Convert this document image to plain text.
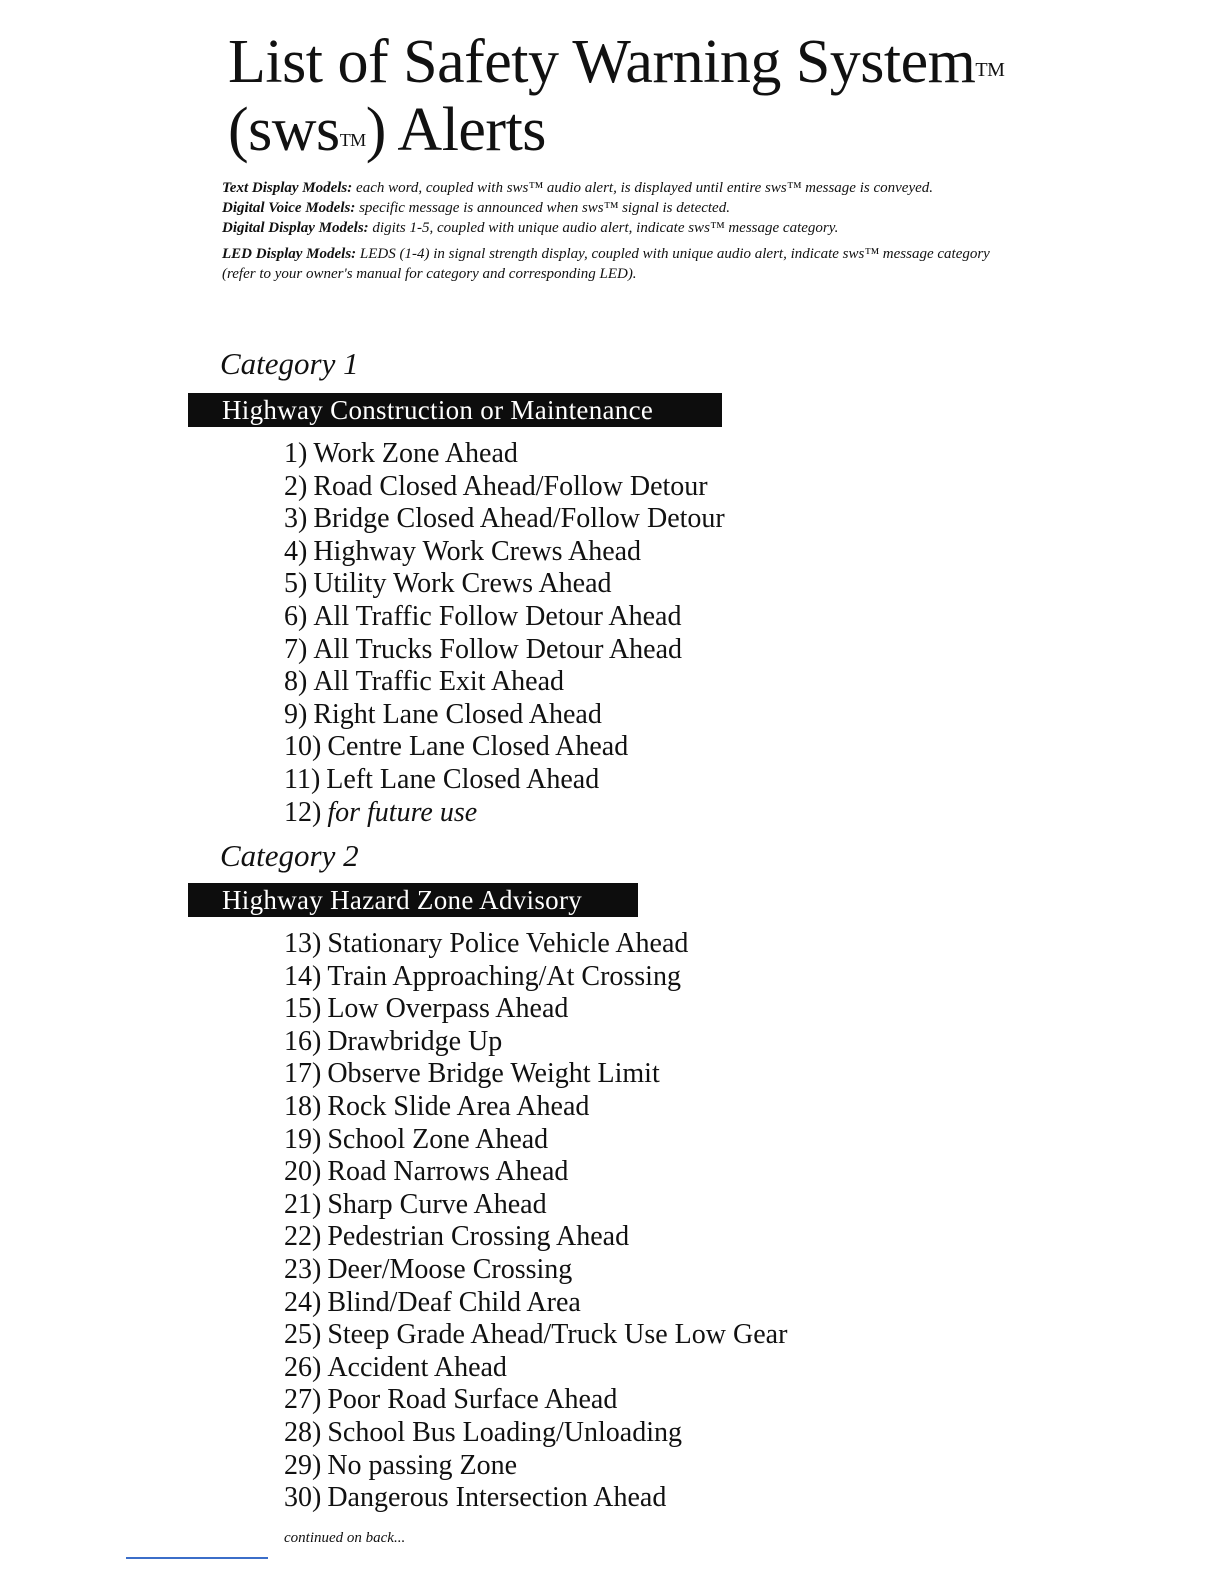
List of Safety Warning System™
(sws™) Alerts

Text Display Models: each word, coupled with sws™ audio alert, is displayed until entire sws™ message is conveyed.

Digital Voice Models: specific message is announced when sws™ signal is detected.

Digital Display Models: digits 1-5, coupled with unique audio alert, indicate sws™ message category.

LED Display Models: LEDS (1-4) in signal strength display, coupled with unique audio alert, indicate sws™ message category (refer to your owner's manual for category and corresponding LED).

Category 1
Highway Construction or Maintenance
1) Work Zone Ahead
2) Road Closed Ahead/Follow Detour
3) Bridge Closed Ahead/Follow Detour
4) Highway Work Crews Ahead
5) Utility Work Crews Ahead
6) All Traffic Follow Detour Ahead
7) All Trucks Follow Detour Ahead
8) All Traffic Exit Ahead
9) Right Lane Closed Ahead
10) Centre Lane Closed Ahead
11) Left Lane Closed Ahead
12) for future use
Category 2
Highway Hazard Zone Advisory
13) Stationary Police Vehicle Ahead
14) Train Approaching/At Crossing
15) Low Overpass Ahead
16) Drawbridge Up
17) Observe Bridge Weight Limit
18) Rock Slide Area Ahead
19) School Zone Ahead
20) Road Narrows Ahead
21) Sharp Curve Ahead
22) Pedestrian Crossing Ahead
23) Deer/Moose Crossing
24) Blind/Deaf Child Area
25) Steep Grade Ahead/Truck Use Low Gear
26) Accident Ahead
27) Poor Road Surface Ahead
28) School Bus Loading/Unloading
29) No passing Zone
30) Dangerous Intersection Ahead
continued on back...
